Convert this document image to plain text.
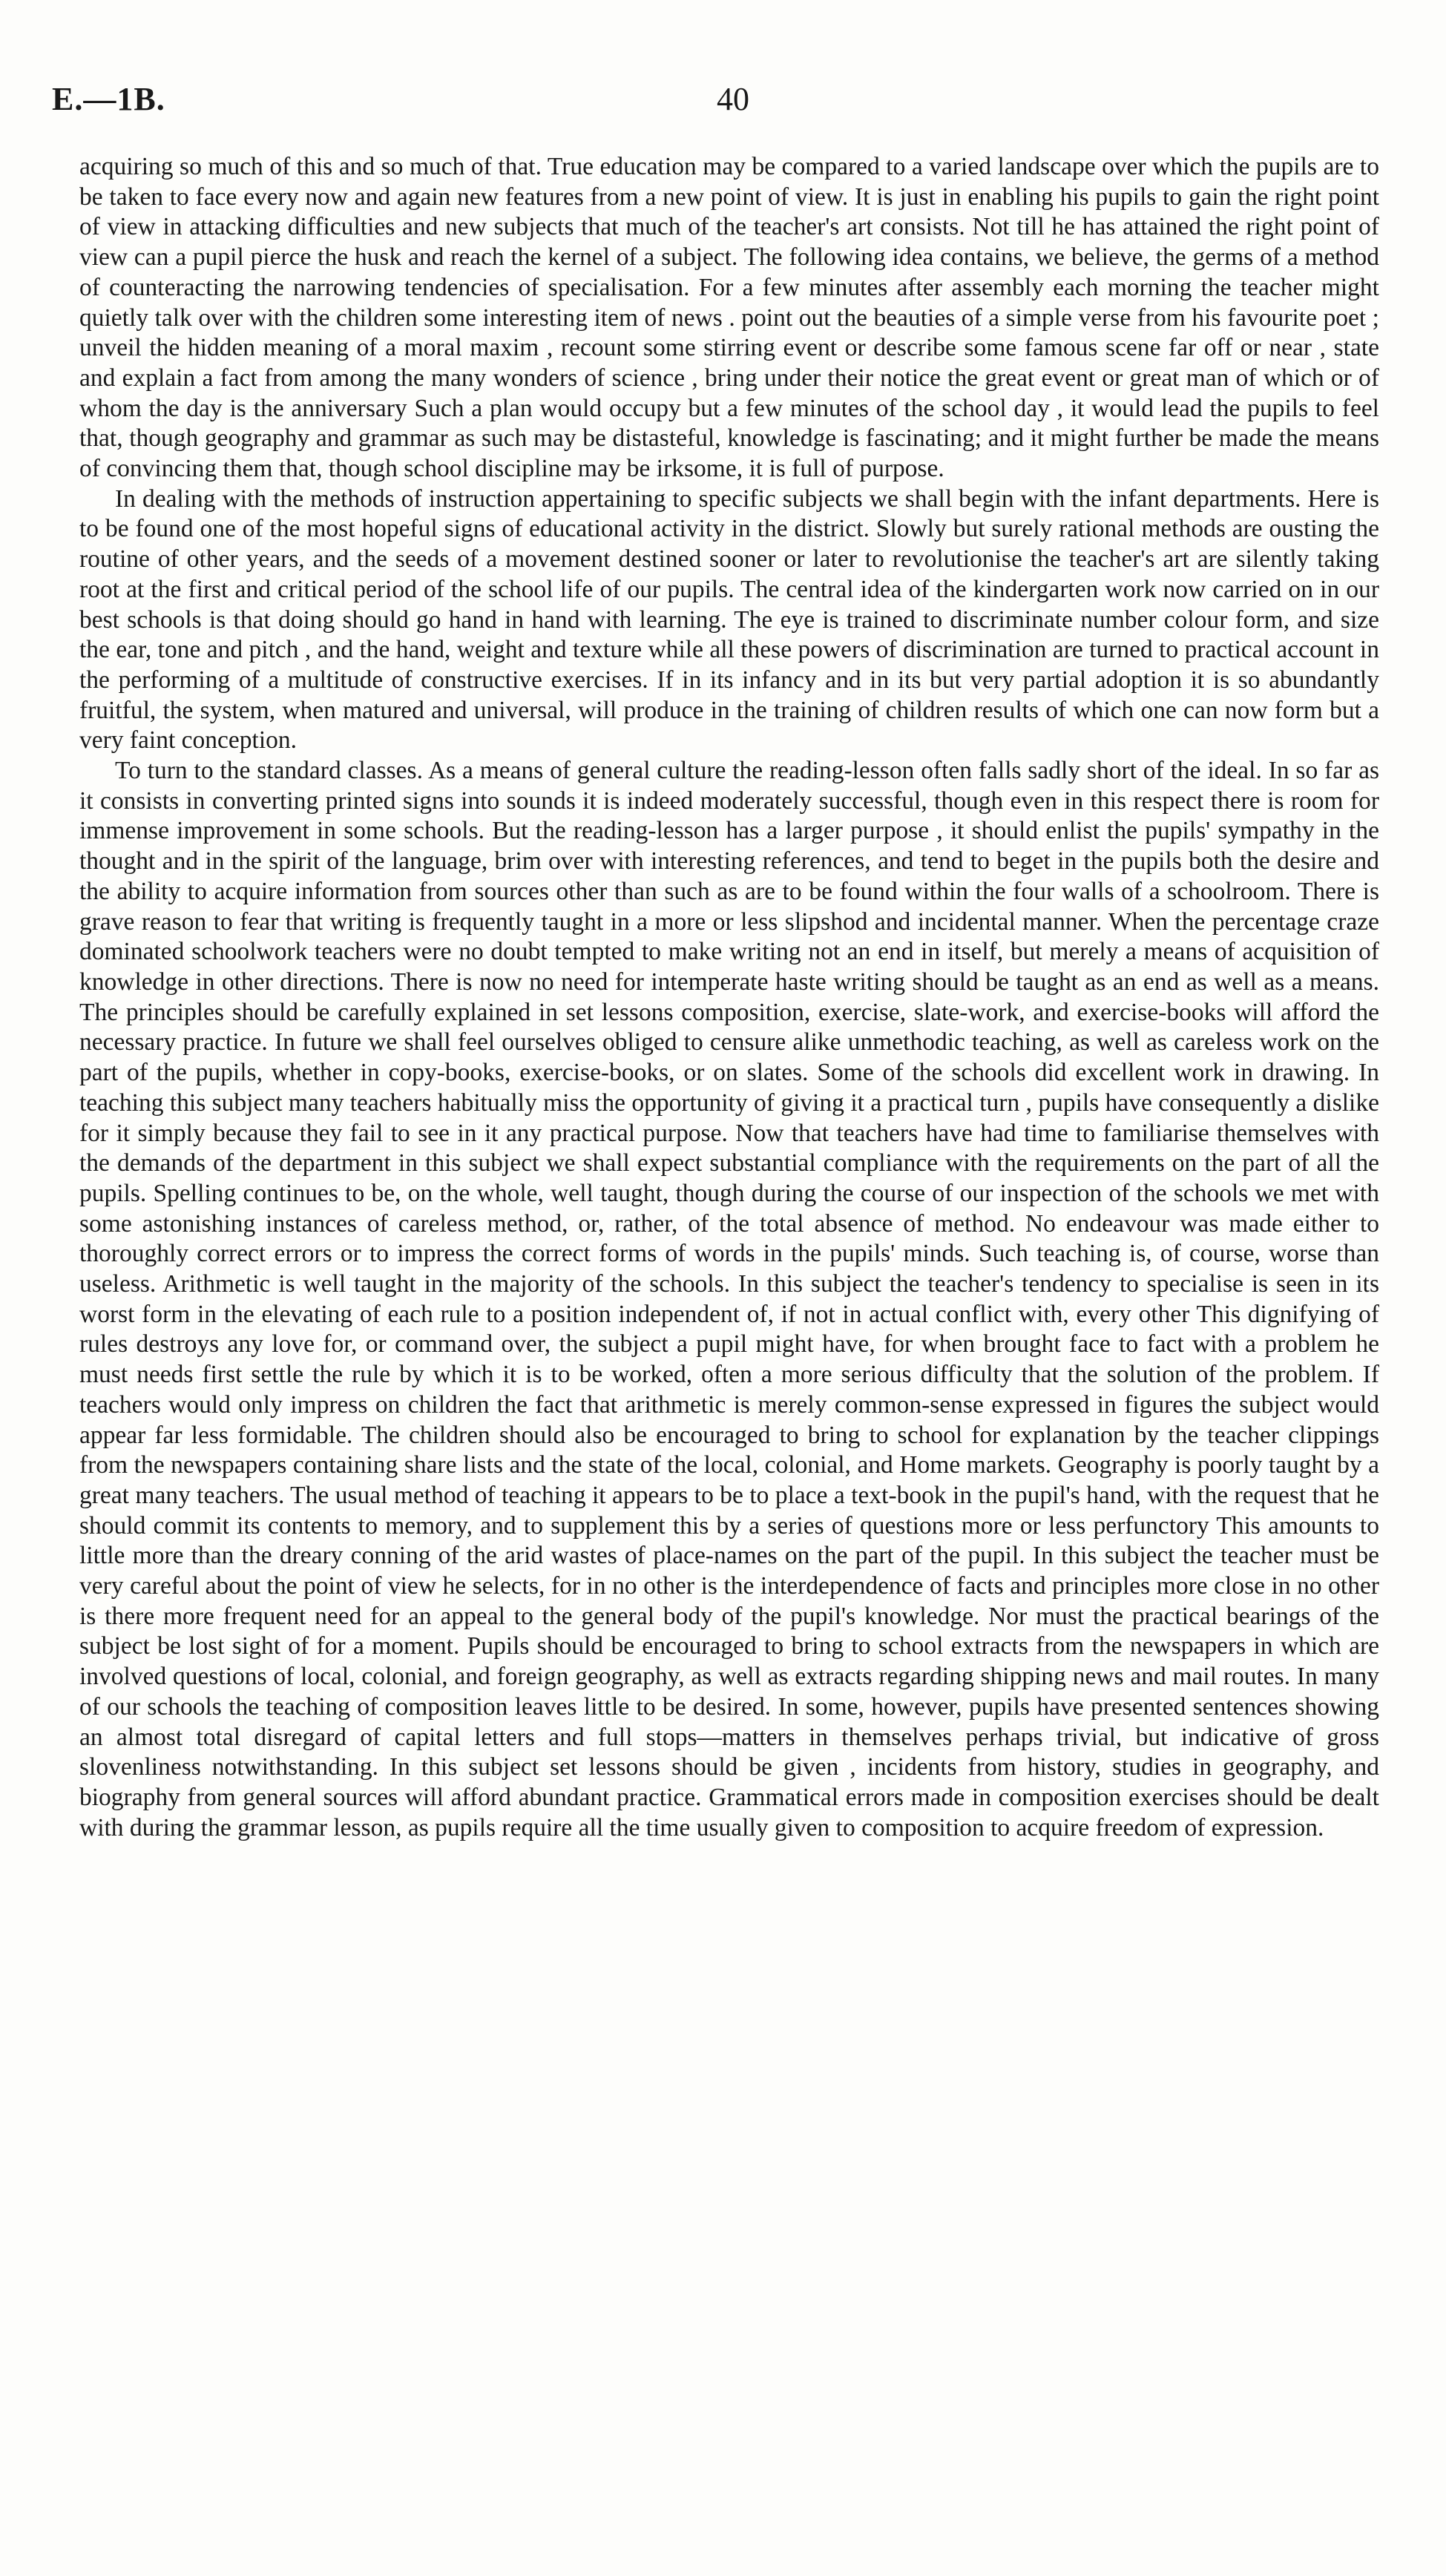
E.—1B.	40

acquiring so much of this and so much of that. True education may be compared to a varied landscape over which the pupils are to be taken to face every now and again new features from a new point of view. It is just in enabling his pupils to gain the right point of view in attacking difficulties and new subjects that much of the teacher's art consists. Not till he has attained the right point of view can a pupil pierce the husk and reach the kernel of a subject. The following idea contains, we believe, the germs of a method of counteracting the narrowing tendencies of specialisation. For a few minutes after assembly each morning the teacher might quietly talk over with the children some interesting item of news . point out the beauties of a simple verse from his favourite poet ; unveil the hidden meaning of a moral maxim , recount some stirring event or describe some famous scene far off or near , state and explain a fact from among the many wonders of science , bring under their notice the great event or great man of which or of whom the day is the anniversary Such a plan would occupy but a few minutes of the school day , it would lead the pupils to feel that, though geography and grammar as such may be distasteful, knowledge is fascinating; and it might further be made the means of convincing them that, though school discipline may be irksome, it is full of purpose.

In dealing with the methods of instruction appertaining to specific subjects we shall begin with the infant departments. Here is to be found one of the most hopeful signs of educational activity in the district. Slowly but surely rational methods are ousting the routine of other years, and the seeds of a movement destined sooner or later to revolutionise the teacher's art are silently taking root at the first and critical period of the school life of our pupils. The central idea of the kindergarten work now carried on in our best schools is that doing should go hand in hand with learning. The eye is trained to discriminate number colour form, and size the ear, tone and pitch , and the hand, weight and texture while all these powers of discrimination are turned to practical account in the performing of a multitude of constructive exercises. If in its infancy and in its but very partial adoption it is so abundantly fruitful, the system, when matured and universal, will produce in the training of children results of which one can now form but a very faint conception.

To turn to the standard classes. As a means of general culture the reading-lesson often falls sadly short of the ideal. In so far as it consists in converting printed signs into sounds it is indeed moderately successful, though even in this respect there is room for immense improvement in some schools. But the reading-lesson has a larger purpose , it should enlist the pupils' sympathy in the thought and in the spirit of the language, brim over with interesting references, and tend to beget in the pupils both the desire and the ability to acquire information from sources other than such as are to be found within the four walls of a schoolroom. There is grave reason to fear that writing is frequently taught in a more or less slipshod and incidental manner. When the percentage craze dominated schoolwork teachers were no doubt tempted to make writing not an end in itself, but merely a means of acquisition of knowledge in other directions. There is now no need for intemperate haste writing should be taught as an end as well as a means. The principles should be carefully explained in set lessons composition, exercise, slate-work, and exercise-books will afford the necessary practice. In future we shall feel ourselves obliged to censure alike unmethodic teaching, as well as careless work on the part of the pupils, whether in copy-books, exercise-books, or on slates. Some of the schools did excellent work in drawing. In teaching this subject many teachers habitually miss the opportunity of giving it a practical turn , pupils have consequently a dislike for it simply because they fail to see in it any practical purpose. Now that teachers have had time to familiarise themselves with the demands of the department in this subject we shall expect substantial compliance with the requirements on the part of all the pupils. Spelling continues to be, on the whole, well taught, though during the course of our inspection of the schools we met with some astonishing instances of careless method, or, rather, of the total absence of method. No endeavour was made either to thoroughly correct errors or to impress the correct forms of words in the pupils' minds. Such teaching is, of course, worse than useless. Arithmetic is well taught in the majority of the schools. In this subject the teacher's tendency to specialise is seen in its worst form in the elevating of each rule to a position independent of, if not in actual conflict with, every other This dignifying of rules destroys any love for, or command over, the subject a pupil might have, for when brought face to fact with a problem he must needs first settle the rule by which it is to be worked, often a more serious difficulty that the solution of the problem. If teachers would only impress on children the fact that arithmetic is merely common-sense expressed in figures the subject would appear far less formidable. The children should also be encouraged to bring to school for explanation by the teacher clippings from the newspapers containing share lists and the state of the local, colonial, and Home markets. Geography is poorly taught by a great many teachers. The usual method of teaching it appears to be to place a text-book in the pupil's hand, with the request that he should commit its contents to memory, and to supplement this by a series of questions more or less perfunctory This amounts to little more than the dreary conning of the arid wastes of place-names on the part of the pupil. In this subject the teacher must be very careful about the point of view he selects, for in no other is the interdependence of facts and principles more close in no other is there more frequent need for an appeal to the general body of the pupil's knowledge. Nor must the practical bearings of the subject be lost sight of for a moment. Pupils should be encouraged to bring to school extracts from the newspapers in which are involved questions of local, colonial, and foreign geography, as well as extracts regarding shipping news and mail routes. In many of our schools the teaching of composition leaves little to be desired. In some, however, pupils have presented sentences showing an almost total disregard of capital letters and full stops—matters in themselves perhaps trivial, but indicative of gross slovenliness notwithstanding. In this subject set lessons should be given , incidents from history, studies in geography, and biography from general sources will afford abundant practice. Grammatical errors made in composition exercises should be dealt with during the grammar lesson, as pupils require all the time usually given to composition to acquire freedom of expression.
